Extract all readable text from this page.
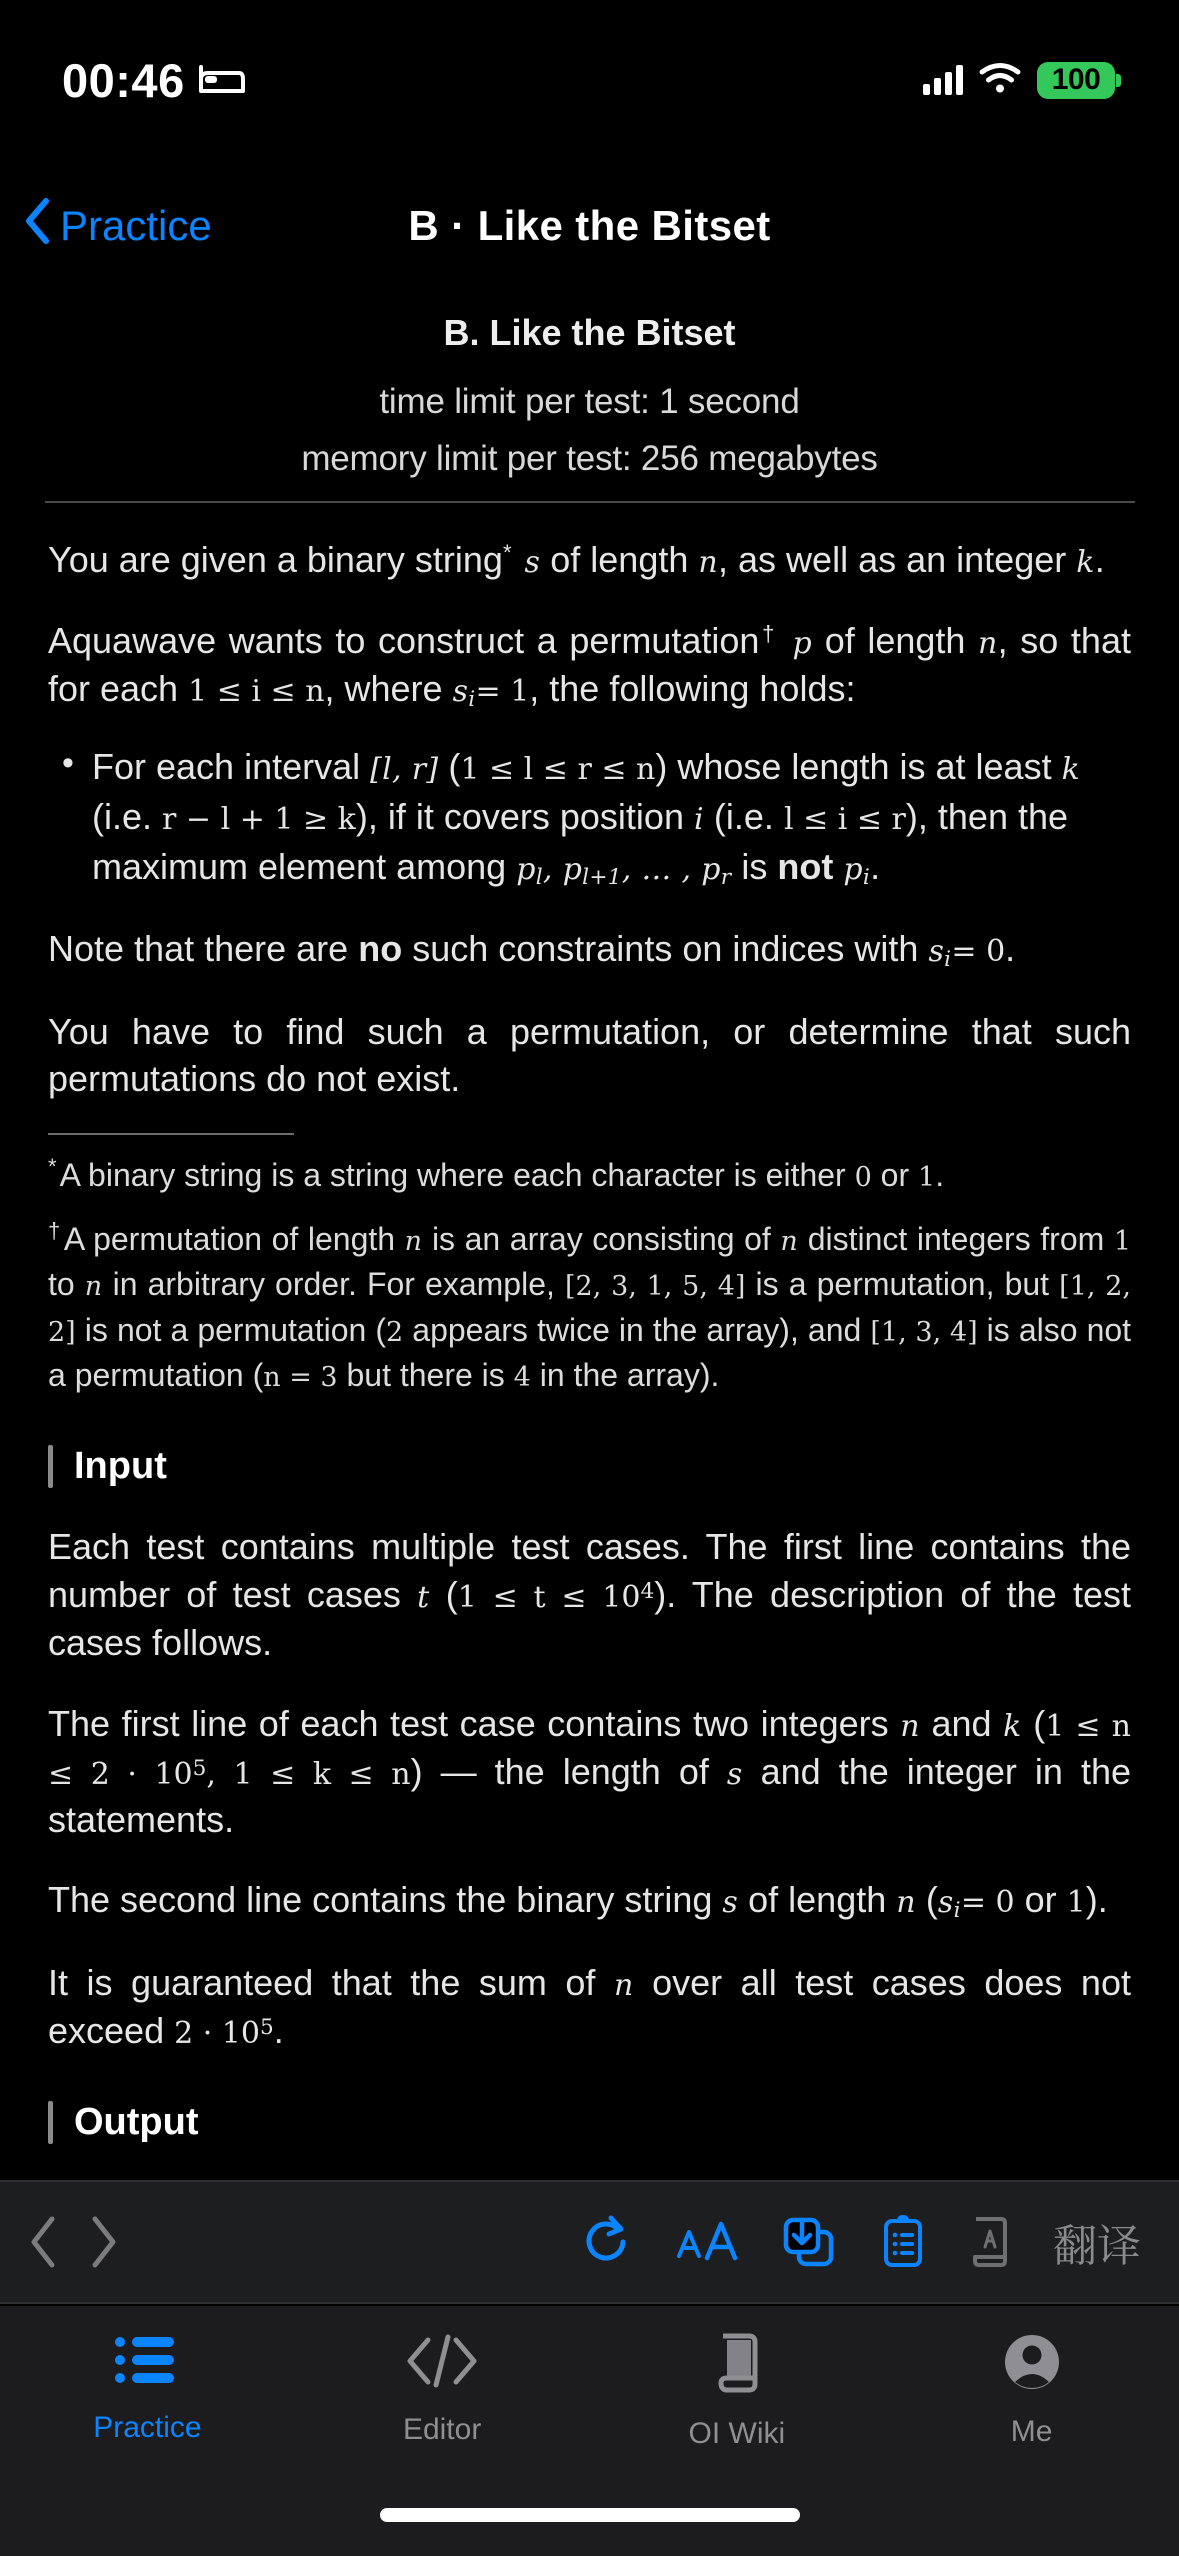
00:46	100
Practice	B · Like the Bitset
B. Like the Bitset
time limit per test: 1 second
memory limit per test: 256 megabytes

You are given a binary string* s of length n, as well as an integer k.

Aquawave wants to construct a permutation† p of length n, so that for each 1 ≤ i ≤ n, where si= 1, the following holds:

• For each interval [l, r] (1 ≤ l ≤ r ≤ n) whose length is at least k (i.e. r − l + 1 ≥ k), if it covers position i (i.e. l ≤ i ≤ r), then the maximum element among pl, pl+1, … , pr is not pi.

Note that there are no such constraints on indices with si= 0.

You have to find such a permutation, or determine that such permutations do not exist.

*A binary string is a string where each character is either 0 or 1.

†A permutation of length n is an array consisting of n distinct integers from 1 to n in arbitrary order. For example, [2, 3, 1, 5, 4] is a permutation, but [1, 2, 2] is not a permutation (2 appears twice in the array), and [1, 3, 4] is also not a permutation (n = 3 but there is 4 in the array).

Input

Each test contains multiple test cases. The first line contains the number of test cases t $(1 \le t \le 10^4)$. The description of the test cases follows.

The first line of each test case contains two integers n and k ($1 \le n \le 2 \cdot 10^5$, 1 ≤ k ≤ n) — the length of s and the integer in the statements.

The second line contains the binary string s of length n (si= 0 or 1).

It is guaranteed that the sum of n over all test cases does not exceed $2 \cdot 10^5$.

Output

•
翻译
Practice	Editor	OI Wiki	Me
